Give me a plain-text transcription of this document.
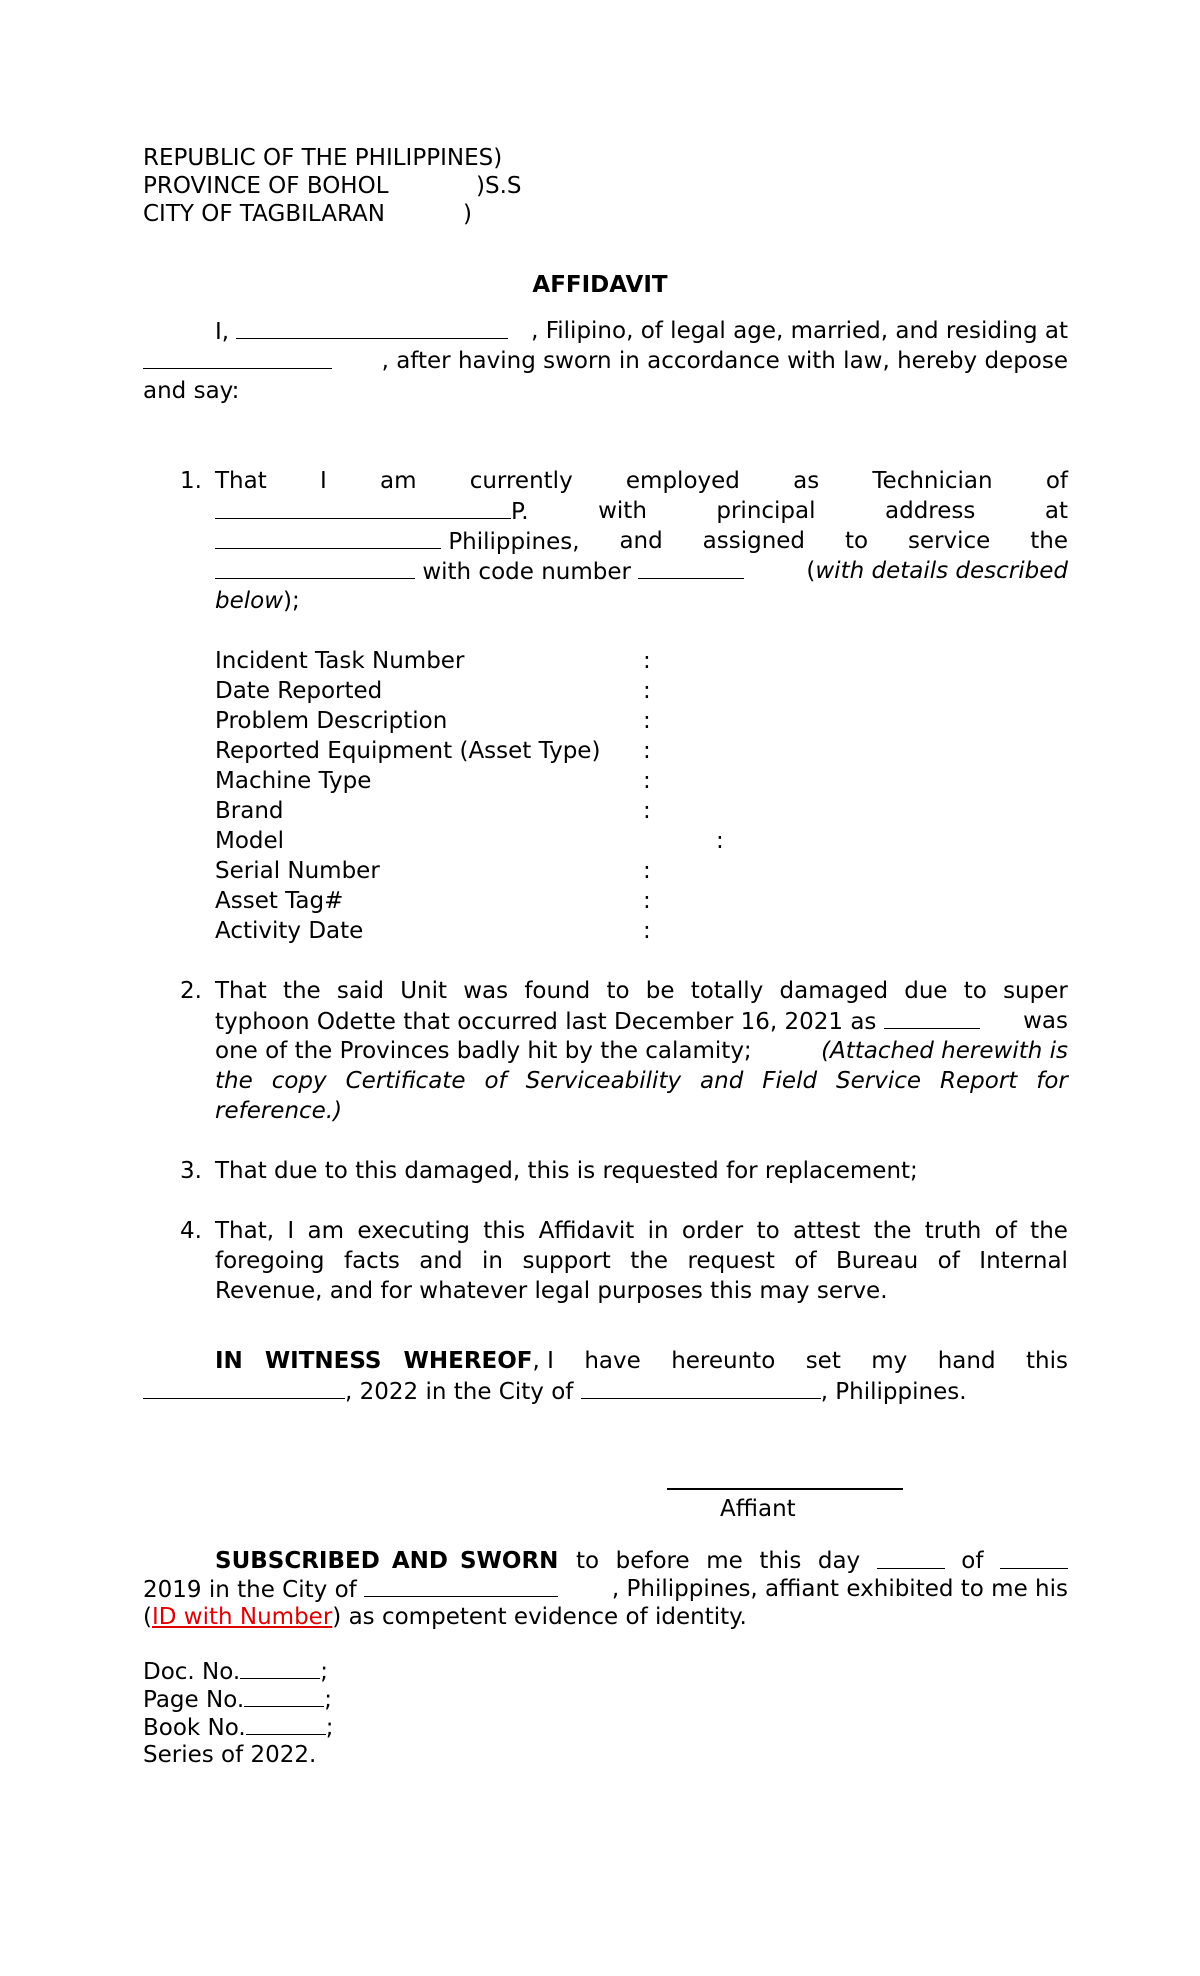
REPUBLIC OF THE PHILIPPINES)
PROVINCE OF BOHOL	)S.S
CITY OF TAGBILARAN	)
AFFIDAVIT
I,	, Filipino, of legal age, married, and residing at
, after having sworn in accordance with law, hereby depose
and say:
1. That I am currently employed as Technician of
P.	with	principal	address	at
Philippines, and assigned to service the
with code number	(with details described
below);
Incident Task Number	:
Date Reported	:
Problem Description	:
Reported Equipment (Asset Type) :
Machine Type	:
Brand	:
Model	:
Serial Number	:
Asset Tag#	:
Activity Date	:
2. That the said Unit was found to be totally damaged due to super
typhoon Odette that occurred last December 16, 2021 as	was
one of the Provinces badly hit by the calamity;	(Attached herewith is
the copy Certificate of Serviceability and Field Service Report for
reference.)
3. That due to this damaged, this is requested for replacement;
4. That, I am executing this Affidavit in order to attest the truth of the
foregoing facts and in support the request of Bureau of Internal
Revenue, and for whatever legal purposes this may serve.
IN WITNESS WHEREOF, I have hereunto set my hand this
, 2022 in the City of	, Philippines.
Affiant
SUBSCRIBED AND SWORN to before me this day	of
2019 in the City of	, Philippines, affiant exhibited to me his
(ID with Number) as competent evidence of identity.
Doc. No.	;
Page No.	;
Book No.	;
Series of 2022.
